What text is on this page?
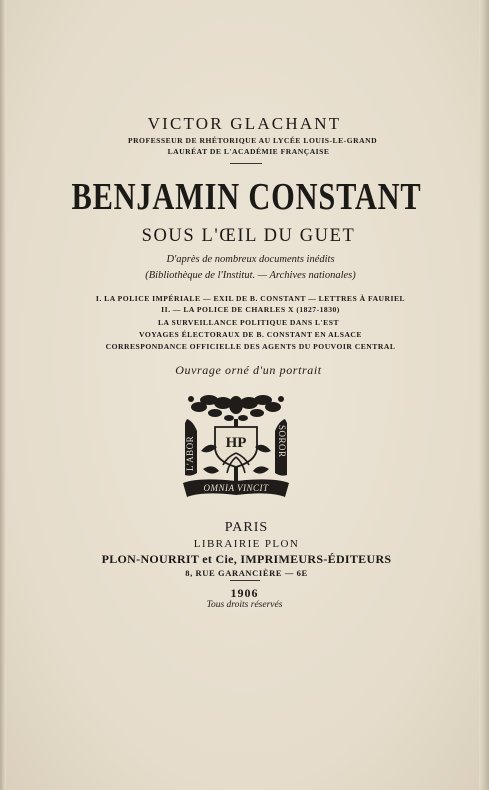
VICTOR GLACHANT
PROFESSEUR DE RHÉTORIQUE AU LYCÉE LOUIS-LE-GRAND
LAURÉAT DE L'ACADÉMIE FRANÇAISE
BENJAMIN CONSTANT
SOUS L'ŒIL DU GUET
D'après de nombreux documents inédits
(Bibliothèque de l'Institut. — Archives nationales)
I. LA POLICE IMPÉRIALE — EXIL DE B. CONSTANT — LETTRES À FAURIEL
II. — LA POLICE DE CHARLES X (1827-1830)
LA SURVEILLANCE POLITIQUE DANS L'EST
VOYAGES ÉLECTORAUX DE B. CONSTANT EN ALSACE
CORRESPONDANCE OFFICIELLE DES AGENTS DU POUVOIR CENTRAL
Ouvrage orné d'un portrait
HP
L'ABOR	SOROR
OMNIA VINCIT
PARIS
LIBRAIRIE PLON
PLON-NOURRIT et Cie, IMPRIMEURS-ÉDITEURS
8, RUE GARANCIÈRE — 6E
1906
Tous droits réservés
